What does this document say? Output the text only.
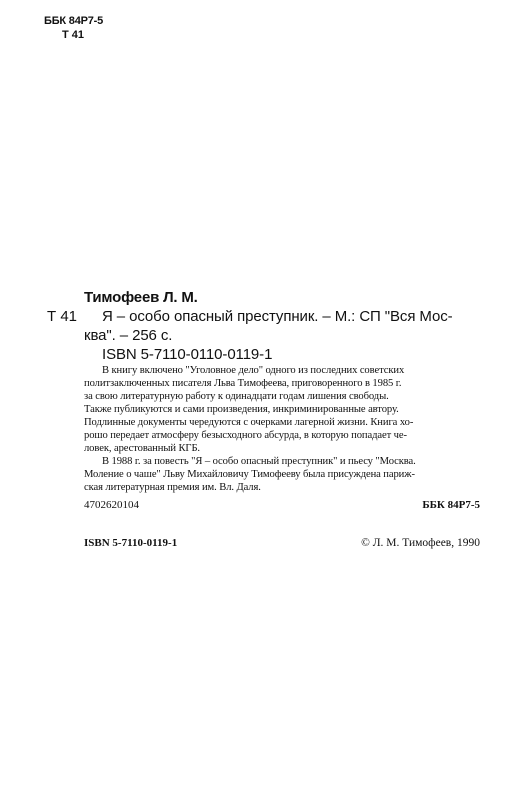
ББК 84Р7-5
Т 41
Тимофеев Л. М.
Т 41 Я – особо опасный преступник. – М.: СП "Вся Мос-
ква". – 256 с.
ISBN 5-7110-0110-0119-1
В книгу включено "Уголовное дело" одного из последних советских
политзаключенных писателя Льва Тимофеева, приговоренного в 1985 г.
за свою литературную работу к одинадцати годам лишения свободы.
Также публикуются и сами произведения, инкриминированные автору.
Подлинные документы чередуются с очерками лагерной жизни. Книга хо-
рошо передает атмосферу безысходного абсурда, в которую попадает че-
ловек, арестованный КГБ.
В 1988 г. за повесть "Я – особо опасный преступник" и пьесу "Москва.
Моление о чаше" Льву Михайловичу Тимофееву была присуждена париж-
ская литературная премия им. Вл. Даля.
4702620104	ББК 84Р7-5
ISBN 5-7110-0119-1	© Л. М. Тимофеев, 1990
